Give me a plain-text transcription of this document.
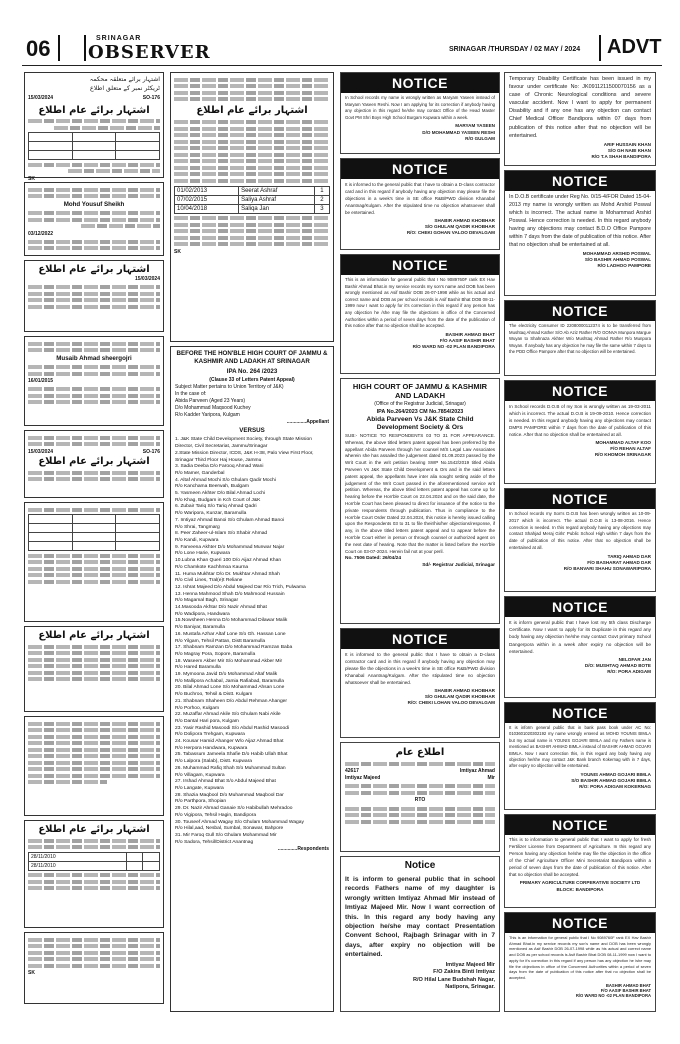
06	SRINAGAR
OBSERVER	SRINAGAR /THURSDAY / 02 MAY / 2024 ADVT
اشتہار برائے متعلقہ محکمہ
ٹریکٹر نمبر کے متعلق اطلاع
15/03/2024	SO-176
اشتہار برائے عام اطلاع

SK
Mohd Yousuf Sheikh
03/12/2022
اشتہار برائے عام اطلاع
15/03/2024
Musaib Ahmad sheergojri
16/01/2015
15/03/2024	SO-176
اشتہار برائے عام اطلاع

اشتہار برائے عام اطلاع
اشتہار برائے عام اطلاع
28/11/2010		
28/11/2010		
SK
اشتہار برائے عام اطلاع
01/02/2013	Seerat Ashraf	1
07/02/2015	Saliya Ashraf	2
10/04/2018	Saliqa Jan	3
SK
BEFORE THE HON'BLE HIGH COURT OF JAMMU & KASHMIR AND LADAKH AT SRINAGAR
IPA No. 264 /2023
(Clause 33 of Letters Patent Appeal)
Subject Matter pertains to Union Territory of J&K)
In the case of:
Abida Parveen (Aged 23 Years)
D/o Mohammad Maqsood Kuchey
R/o Kadder Yaripora, Kulgam
..............Appellant
VERSUS
1. J&K State Child Development Society, through State Mission Director, Civil Secretariat, Jammu/Srinagar
2.State Mission Director, ICDS, J&K H-38, Palo View First Floor, Srinagar Third Floor Haj House, Jammu
3. Sadia Deeba D/o Farooq Ahmad Wani
R/o Mamer, Ganderbal
4. Altaf Ahmad Mochi S/o Ghulam Qadir Mochi
R/o Kanchama Beerwah, Budgam
5. Yasmeen Akhter D/o Bilal Ahmad Lochi
R/o Khag, Budgam in Kch Court of J&K
6. Zubair Tariq S/o Tariq Ahmad Qadri
R/o Waripora, Kunzar, Baramulla
7. Imtiyaz Ahmad Banoi S/o Ghulam Ahmad Banoi
R/o Shrai, Tangmarg
8. Peer Zaheer-ul-Islam S/o Shabir Ahmad
R/o Kandi, Kupwara
9. Farveena Akhter D/o Mohammad Munwar Najar
R/o Lone Harie, Kupwara
10.Lubna Khan Queri 100 D/o Aijaz Ahmad Khan
R/o Chamkote Kachhmoa Kaurna
11. Huma Mukhtar D/o Dr. Mukhtar Ahmad Shah
R/o Civil Lines, Tral(e)t Reliane
12. Ishrat Majeed D/o Abdul Majeed Dar R/o Trich, Pulwama
13. Henna Mahmood Shah D/o Mahmood Hussain
R/o Magamal Bagh, Srinagar
14.Masooda Akhtar D/o Nazir Ahmad Bhat
R/o Wadipora, Handwara
15.Nowsheen Henna D/o Mohammad Dilawar Malik
R/o Baniyar, Baramulla
16. Mustafa Azhar Altaf Lone S/o Gh. Hassan Lone
R/o Yilgam, Tehsil Pattan, Distt Baramulla
17. Shabnam Ramzan D/o Mohammad Ramzan Baba
R/o Magray Pora, Sopore, Baramulla
18. Waseem Akber Mir S/o Mohammad Akber Mir
R/o Hared Baramulla
19. Mymoona Javid D/o Mohammad Altaf Malik
R/o Mallipora Achabal, Jamia Rafiabad, Baramulla
20. Bilal Ahmad Lone S/o Mohammad Ahsan Lone
R/o Buchroo, Tehsil & Distt. Kulgam
21. Shabnam Shaheen D/o Abdul Rehman Ahanger
R/o Porhoo, Kulgam
22. Muzaffar Ahmad Akile S/o Ghulam Nabi Akile
R/o Dantal Hari pora, Kulgam
23. Yasir Rashid Masoodi S/o Abdul Rashid Masoodi
R/o Dolipora Trehgam, Kupwara
24. Kousar Hamid Ahanger W/o Aijaz Ahmad Bhat
R/o Herpora Handwara, Kupwara
25. Tabassum Jameela Shafie D/o Habib Ullah Bhat
R/o Lalpora (Salab), Distt. Kupwara
26. Muhammad Rafiq Shah S/o Muhammad Sultan
R/o Villagam, Kupwara
27. Irshad Ahmad Bhat S/o Abdul Majeed Bhat
R/o Langate, Kupwara
28. Shazia Maqbool D/o Muhammad Maqbool Dar
R/o Parthpora, Shopian
29. Dr. Nazir Ahmad Ganaie S/o Habibullah Mehradoo
R/o Vigipora, Tehsil Hagin, Bandipora
30. Touseef Ahmad Wagay S/o Ghulam Mohammad Wagay
R/o Hilal,aad, Nesbal, Sumbal, Sonawar, Bahpore
31. Mir Faroq Gull S/o Ghulam Mohammad Mir
R/o Sadora, Tehsil/District Anantnag
..............Respondents
NOTICE
In School records my name is wrongly written as Maryam Yaseen instead of Maryam Yaseen Reshi. Now I am applying for its correction if anybody having any objection in this regard he/she may contact Office of the Head Master Govt PM Shri Boys High School Burgam Kupwara within a week.
MARYAM YASEEN
D/O MOHAMMAD YASEEN RESHI
R/O GULGAM
NOTICE
It is informed to the general public that I have to obtain a D-class contractor card and in this regard if anybody having any objection may please file the objections in a week's time in SE office R&B/PWD division Khanabal Anantnag/Kulgam. After the stipulated time no objection whatsoever shall be entertained.
SHABIR AHMAD KHOBHAR
S/O GHULAM QADIR KHOBHAR
R/O: CHEKI GOHAN VALOO DEVALGAM
NOTICE
This is an information for general public that I No 9089760F rank EX Hav Bashir Ahmad Bhat.in my service records my son's name and DOB has been wrongly mentioned as Asif Bashir DOB 26-07-1998 while as his actual and correct name and DOB as per school records is Asif Bashir Bhat DOB 08-11-1999 now I want to apply for it's correction in this regard if any person has any objection he /she may file the objections in office of the Concerned Authorities within a period of seven days from the date of the publication of this notice after that no objection shall be accepted.
BASHIR AHMAD BHAT
F/O AASIF BASHIR BHAT
R/O WARD NO -02 PLAN BANDIPORA
HIGH COURT OF JAMMU & KASHMIR AND LADAKH
(Office of the Registrar Judicial, Srinagar)
IPA No.264/2023 CM No.7854/2023
Abida Parveen Vs J&K State Child Development Society & Ors
SUB:- NOTICE TO RESPONDENTS 03 TO 31 FOR APPEARANCE. Whereas, the above titled letters patent appeal has been preferred by the appellant Abida Parveen through her counsel M/S Legal Law Associates wherein she has assailed the judgement dated 01.09.2023 passed by the Writ Court in the writ petition bearing SWP No.1542/2019 titled Abida Parveen Vs J&K State Child Development & Ors and in the said letters patent appeal, the appellants have inter alia sought setting aside of the judgement of the Writ Court passed in the aforementioned service writ petition. Whereas, the above titled letters patent appeal has come up for hearing before the Hon'ble Court on 22.04.2024 and on the said date, the Hon'ble Court has been pleased to direct for issuance of the notice to the private respondents through publication. Thus in compliance to the Hon'ble Court Order Dated 22.04.2024, this notice is hereby issued calling upon the Respondents 03 to 31 to file their/his/her objections/response, if any, in the above titled letters patent appeal and to appear before the Hon'ble Court either in person or through counsel or authorized agent on the next date of hearing. Note that the matter is listed before the Hon'ble Court on 03-07-2024. Herein fail not at your peril.
No. 7506 Dated: 26/04/24
Sd/- Registrar Judicial, Srinagar
NOTICE
It is informed to the general public that I have to obtain a D-class contractor card and in this regard if anybody having any objection may please file the objections in a week's time in SE office R&B/PWD division Khanabal Anantnag/Kulgam. After the stipulated time no objection whatsoever shall be entertained.
SHABIR AHMAD KHOBHAR
S/O GHULAM QADIR KHOBHAR
R/O: CHEKI LOHAN VALOO DEVALGAM
اطلاع عام
42617	Imtiyaz Ahmad
Imtiyaz Majeed	Mir
RTO
Notice
It is inform to general public that in school records Fathers name of my daughter is wrongly written Imtiyaz Ahmad Mir instead of Imtiyaz Majeed Mir. Now I want correction of this. In this regard any body having any objection he/she may contact Presentation Convent School, Rajbagh Srinagar with in 7 days, after expiry no objection will be entertained.
Imtiyaz Majeed Mir
F/O Zakira Binti Imtiyaz
R/O Hilal Lane Budshah Nagar,
Natipora, Srinagar.
Temporary Disability Certificate has been issued in my favour under certificate No: JK0911211500070156 as a case of Chronic Neurological conditions and severe vascular accident. Now I want to apply for permanent Disability and if any one has any objection can contact Chief Medical Officer Bandipora within 07 days from publication of this notice after that no objection will be entertained.
ARIF HUSSAIN KHAN
S/O GH NABI KHAN
R/O T.A SHAH BANDIPORA
NOTICE
In D.O.B certificate under Reg No. 0/15-4/FOR Dated 15-04-2013 my name is wrongly written as Mohd Arshid Poswal which is incorrect. The actual name is Mohammad Arshid Poswal. Hence correction is needed. In this regard anybody having any objections may contact B.D.O Office Pampore within 7 days from the date of publication of this notice. After that no objection shall be entertained at all.
MOHAMMAD ARSHID POSWAL
S/O BASHIR AHMAD POSWAL
R/O LADHOO PAMPORE
NOTICE
The electricity Consumer ID 22080000112374 is to be transferred from Mushtaq Ahmad Kather S/O Ab Aziz Rather R/O GONVA Munpora Margue Wuyan to Shahnaza Akhter W/o Mushtaq Ahmad Rather R/o Munpora Wuyan. If anybody has any objection he may file the same within 7 days to the PDD Office Pampore after that no objection will be entertained.
NOTICE
In School records D.O.B of my Son is wrongly written as 19-03-2011 which is incorrect. The actual D.O.B is 19-09-2010. Hence correction is needed. In this regard anybody having any objections may contact DMPS PAMPORE within 7 days from the date of publication of this notice. After that no objection shall be entertained at all.
MOHAMMAD ALTAF KOO
F/O REHAN ALTAF
R/O KHOMOH SRINAGAR
NOTICE
In School records my Son's D.O.B has been wrongly written as 10-09-2017 which is incorrect. The actual D.O.B is 13-08-2016. Hence correction is needed. In this regard anybody having any objections may contact Shahjad Meraj Girls' Public School High within 7 days from the date of publication of this notice. After that no objection shall be entertained at all.
TARIQ AHMAD DAR
F/O BASHARAT AHMAD DAR
R/O BANVARI SHAHU SONAWARIPORA
NOTICE
It is inform general public that I have lost my 5th class Discharge Certificate. Now I want to apply for its Duplicate in this regard any body having any objection he/she may contact Govt primary School Dangerpora within in a week after expiry no objection will be entertained.
NELOFAR JAN
D/O: MUSHTAQ AHMAD BOTE
R/O: PORA ADIGAM
NOTICE
It is inform general public that in bank pass book under AC No: 0103601020302192 my name wrongly entered as MOHD YOUNIS BIMLA but my actual name is YOUNIS GOJARI BIMLA and my Fathers name is mentioned as BASHIR AHMAD BIMLA instead of BASHIR AHMAD GOJARI BIMLA. Now I want correction this, in this regard any body having any objection he/she may contact J&K Bank branch Kokernag with in 7 days, after expiry no objection will be entertained.
YOUNIS AHMAD GOJARI BIMLA
S/O BASHIR AHMAD GOJARI BIMLA
R/O: PORA ADIGAM KOKERNAG
NOTICE
This is to information to general public that I want to apply for fresh Fertilizer License from Department of Agriculture. In this regard any Person having any objection he/she may file the objection in the office of the Chief Agriculture Officer Mini Secretariat Bandipora within a period of seven days from the date of publication of this notice. After that no objection shall be accepted.
PRIMARY AGRICULTURE CORPERATIVE SOCIETY LTD
BLOCK: BANDIPORA
NOTICE
This is an information for general public that I No 9089760F rank EX Hav Bashir Ahmad Bhat.in my service records my son's name and DOB has been wrongly mentioned as Asif Bashir DOB 26-07-1998 while as his actual and correct name and DOB as per school records is Asif Bashir Bhat DOB 08-11-1999 now I want to apply for it's correction in this regard if any person has any objection he /she may file the objections in office of the Concerned Authorities within a period of seven days from the date of publication of this notice after that no objection shall be accepted.
BASHIR AHMAD BHAT
F/O AASIF BASHIR BHAT
R/O WARD NO -02 PLAN BANDIPORA
